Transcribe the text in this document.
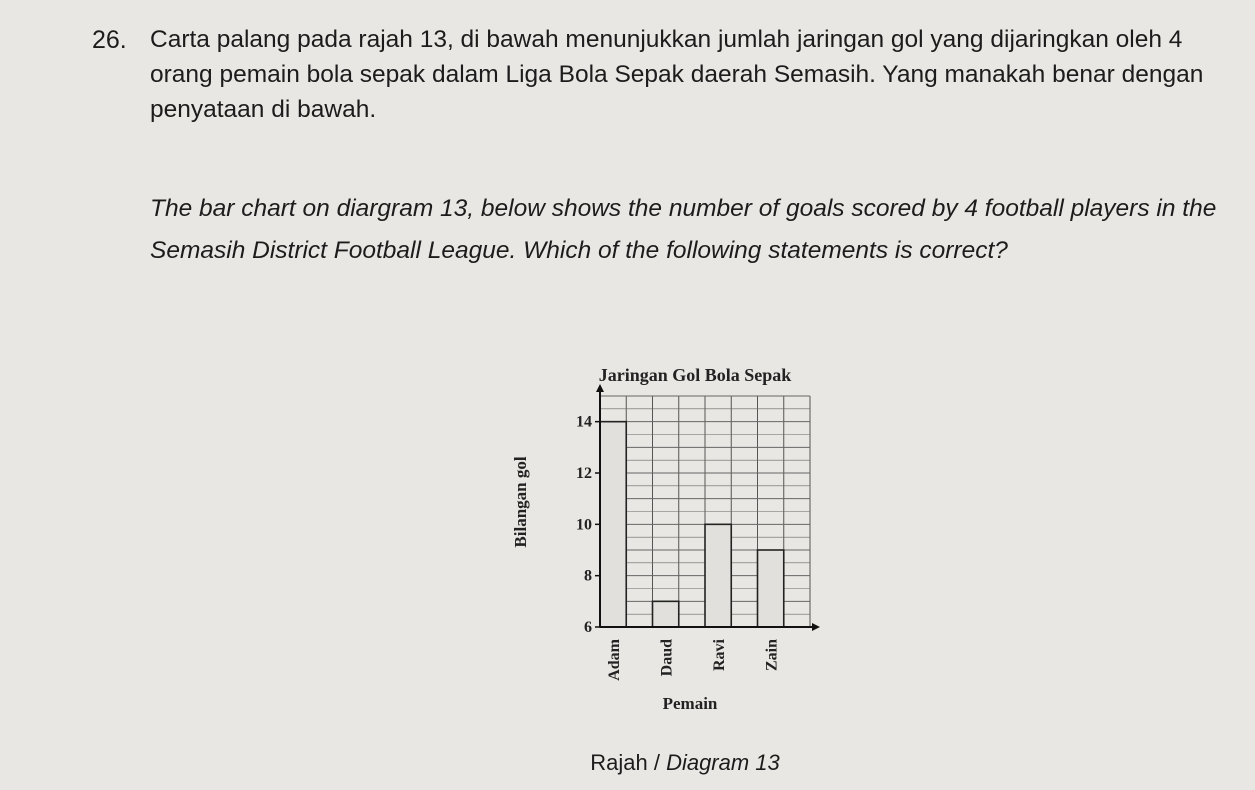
26. Carta palang pada rajah 13, di bawah menunjukkan jumlah jaringan gol yang dijaringkan oleh 4 orang pemain bola sepak dalam Liga Bola Sepak daerah Semasih. Yang manakah benar dengan penyataan di bawah.
The bar chart on diargram 13, below shows the number of goals scored by 4 football players in the Semasih District Football League. Which of the following statements is correct?
Jaringan Gol Bola Sepak
Bilangan gol
Pemain
6
8
10
12
14
Adam Daud Ravi Zain
Rajah / Diagram 13
